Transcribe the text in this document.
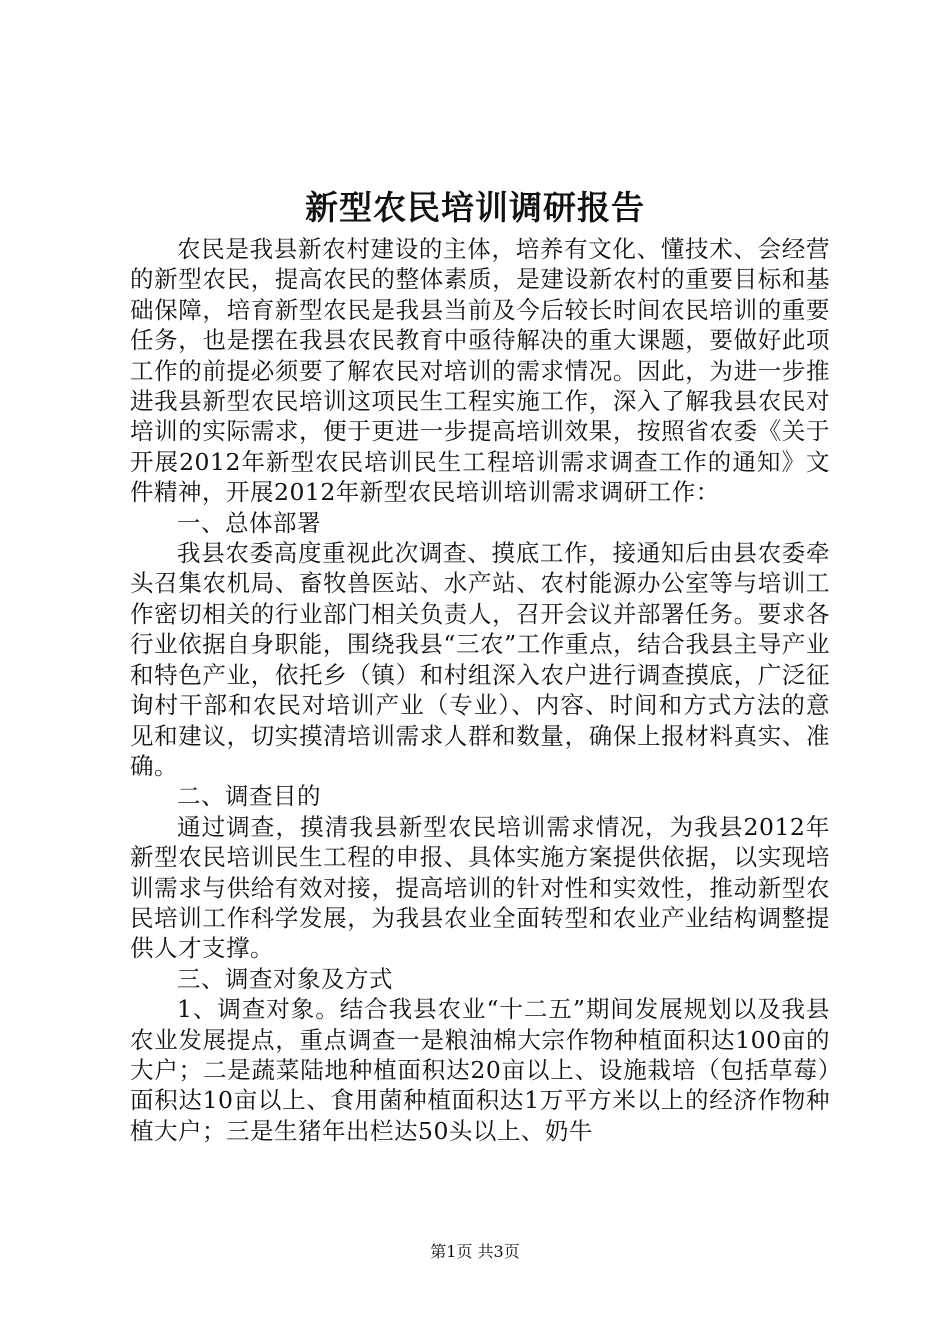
新型农民培训调研报告

农民是我县新农村建设的主体，培养有文化、懂技术、会经营的新型农民，提高农民的整体素质，是建设新农村的重要目标和基础保障，培育新型农民是我县当前及今后较长时间农民培训的重要任务，也是摆在我县农民教育中亟待解决的重大课题，要做好此项工作的前提必须要了解农民对培训的需求情况。因此，为进一步推进我县新型农民培训这项民生工程实施工作，深入了解我县农民对培训的实际需求，便于更进一步提高培训效果，按照省农委《关于开展2012年新型农民培训民生工程培训需求调查工作的通知》文件精神，开展2012年新型农民培训培训需求调研工作：

一、总体部署

我县农委高度重视此次调查、摸底工作，接通知后由县农委牵头召集农机局、畜牧兽医站、水产站、农村能源办公室等与培训工作密切相关的行业部门相关负责人，召开会议并部署任务。要求各行业依据自身职能，围绕我县“三农”工作重点，结合我县主导产业和特色产业，依托乡（镇）和村组深入农户进行调查摸底，广泛征询村干部和农民对培训产业（专业）、内容、时间和方式方法的意见和建议，切实摸清培训需求人群和数量，确保上报材料真实、准确。

二、调查目的

通过调查，摸清我县新型农民培训需求情况，为我县2012年新型农民培训民生工程的申报、具体实施方案提供依据，以实现培训需求与供给有效对接，提高培训的针对性和实效性，推动新型农民培训工作科学发展，为我县农业全面转型和农业产业结构调整提供人才支撑。

三、调查对象及方式

1、调查对象。结合我县农业“十二五”期间发展规划以及我县农业发展提点，重点调查一是粮油棉大宗作物种植面积达100亩的大户；二是蔬菜陆地种植面积达20亩以上、设施栽培（包括草莓）面积达10亩以上、食用菌种植面积达1万平方米以上的经济作物种植大户；三是生猪年出栏达50头以上、奶牛

第1页 共3页
